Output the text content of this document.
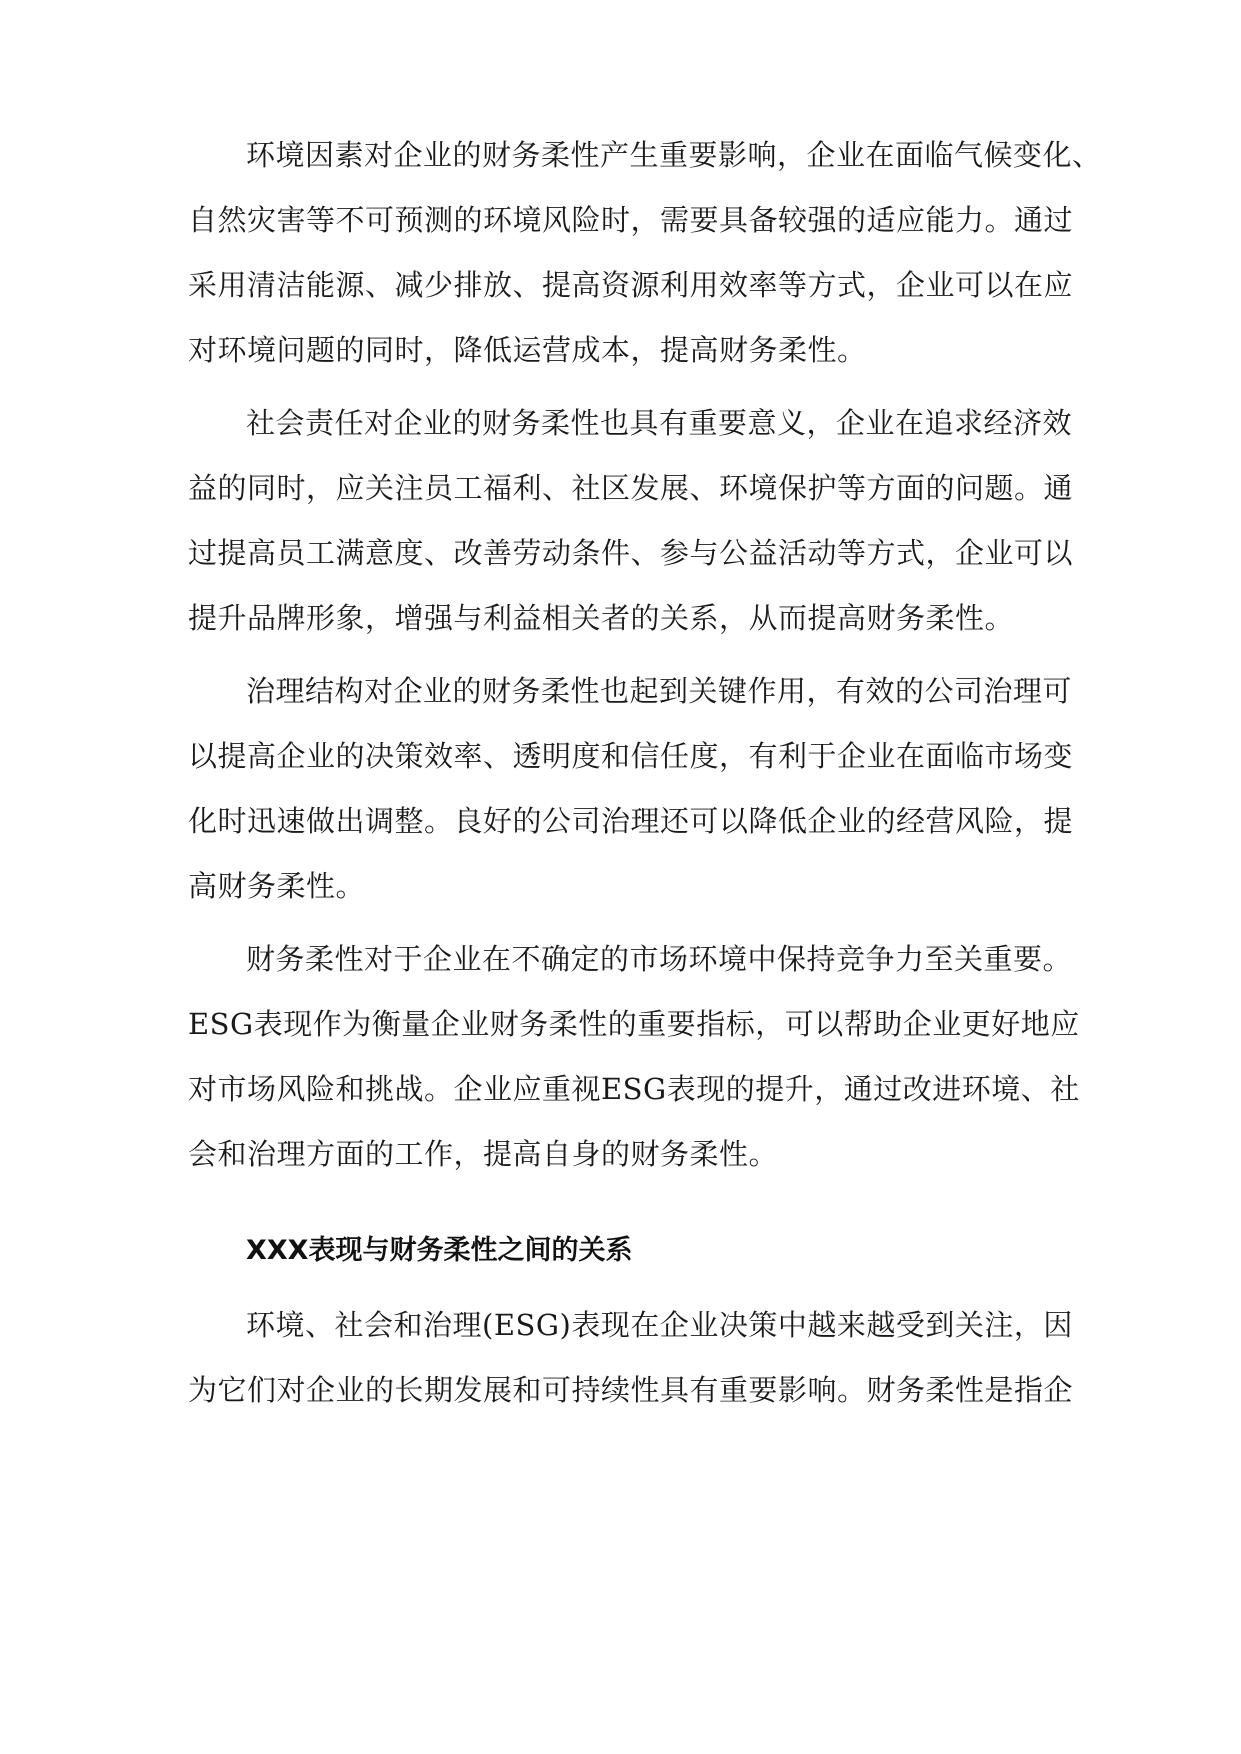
环境因素对企业的财务柔性产生重要影响，企业在面临气候变化、
自然灾害等不可预测的环境风险时，需要具备较强的适应能力。通过
采用清洁能源、减少排放、提高资源利用效率等方式，企业可以在应
对环境问题的同时，降低运营成本，提高财务柔性。
社会责任对企业的财务柔性也具有重要意义，企业在追求经济效
益的同时，应关注员工福利、社区发展、环境保护等方面的问题。通
过提高员工满意度、改善劳动条件、参与公益活动等方式，企业可以
提升品牌形象，增强与利益相关者的关系，从而提高财务柔性。
治理结构对企业的财务柔性也起到关键作用，有效的公司治理可
以提高企业的决策效率、透明度和信任度，有利于企业在面临市场变
化时迅速做出调整。良好的公司治理还可以降低企业的经营风险，提
高财务柔性。
财务柔性对于企业在不确定的市场环境中保持竞争力至关重要。
ESG表现作为衡量企业财务柔性的重要指标，可以帮助企业更好地应
对市场风险和挑战。企业应重视ESG表现的提升，通过改进环境、社
会和治理方面的工作，提高自身的财务柔性。
XXX表现与财务柔性之间的关系
环境、社会和治理(ESG)表现在企业决策中越来越受到关注，因
为它们对企业的长期发展和可持续性具有重要影响。财务柔性是指企
